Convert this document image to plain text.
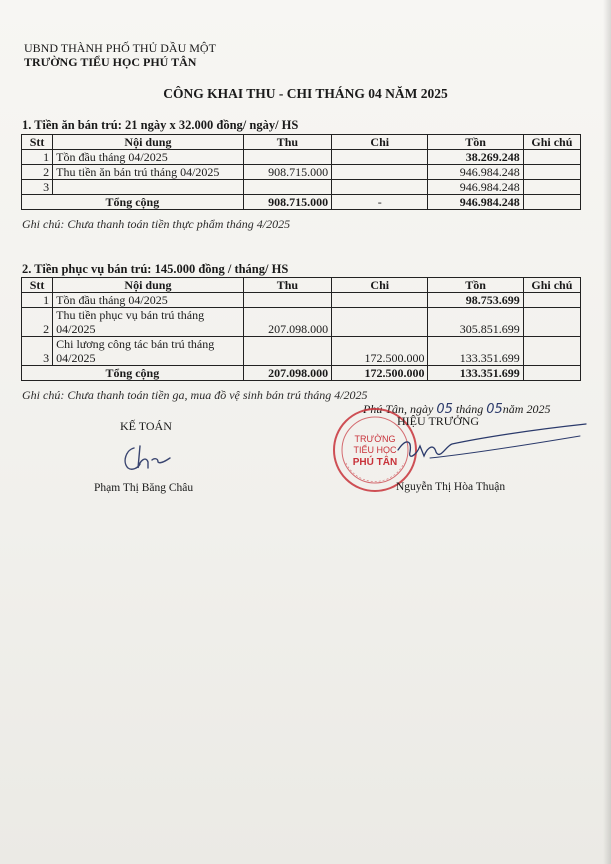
UBND THÀNH PHỐ THỦ DẦU MỘT
TRƯỜNG TIỂU HỌC PHÚ TÂN
CÔNG KHAI THU - CHI THÁNG 04 NĂM 2025
1. Tiền ăn bán trú: 21 ngày x 32.000 đồng/ ngày/ HS
Stt	Nội dung	Thu	Chi	Tồn	Ghi chú
1	Tồn đầu tháng 04/2025			38.269.248	
2	Thu tiền ăn bán trú tháng 04/2025	908.715.000		946.984.248	
3				946.984.248	
Tổng cộng		908.715.000	-	946.984.248	
Ghi chú: Chưa thanh toán tiền thực phẩm tháng 4/2025
2. Tiền phục vụ bán trú: 145.000 đồng / tháng/ HS
Stt	Nội dung	Thu	Chi	Tồn	Ghi chú
1	Tồn đầu tháng 04/2025			98.753.699	
2	Thu tiền phục vụ bán trú tháng
04/2025	207.098.000		305.851.699	
3	Chi lương công tác bán trú tháng
04/2025		172.500.000	133.351.699	
Tổng cộng		207.098.000	172.500.000	133.351.699	
Ghi chú: Chưa thanh toán tiền ga, mua đồ vệ sinh bán trú tháng 4/2025
Phú Tân, ngày 05 tháng 05năm 2025
KẾ TOÁN
TRƯỜNG
TIỂU HỌC
PHÚ TÂN
HIỆU TRƯỞNG
Phạm Thị Băng Châu	Nguyễn Thị Hòa Thuận
